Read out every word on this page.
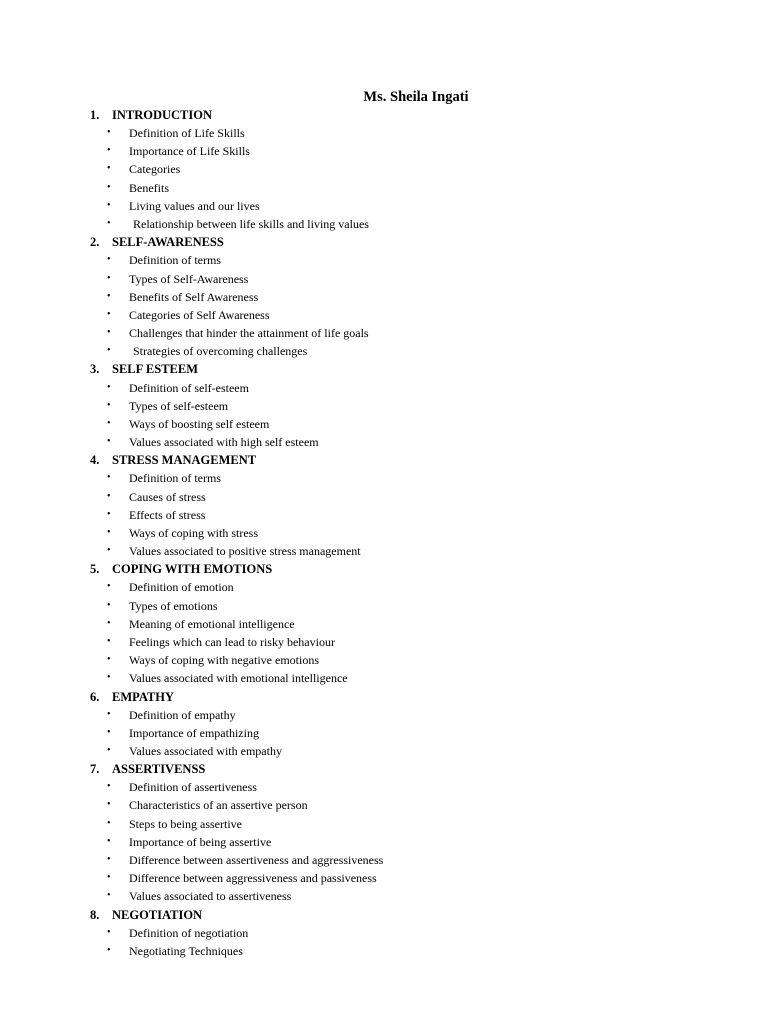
Ms. Sheila Ingati
1. INTRODUCTION
• Definition of Life Skills
• Importance of Life Skills
• Categories
• Benefits
• Living values and our lives
• Relationship between life skills and living values
2. SELF-AWARENESS
• Definition of terms
• Types of Self-Awareness
• Benefits of Self Awareness
• Categories of Self Awareness
• Challenges that hinder the attainment of life goals
• Strategies of overcoming challenges
3. SELF ESTEEM
• Definition of self-esteem
• Types of self-esteem
• Ways of boosting self esteem
• Values associated with high self esteem
4. STRESS MANAGEMENT
• Definition of terms
• Causes of stress
• Effects of stress
• Ways of coping with stress
• Values associated to positive stress management
5. COPING WITH EMOTIONS
• Definition of emotion
• Types of emotions
• Meaning of emotional intelligence
• Feelings which can lead to risky behaviour
• Ways of coping with negative emotions
• Values associated with emotional intelligence
6. EMPATHY
• Definition of empathy
• Importance of empathizing
• Values associated with empathy
7. ASSERTIVENSS
• Definition of assertiveness
• Characteristics of an assertive person
• Steps to being assertive
• Importance of being assertive
• Difference between assertiveness and aggressiveness
• Difference between aggressiveness and passiveness
• Values associated to assertiveness
8. NEGOTIATION
• Definition of negotiation
• Negotiating Techniques
